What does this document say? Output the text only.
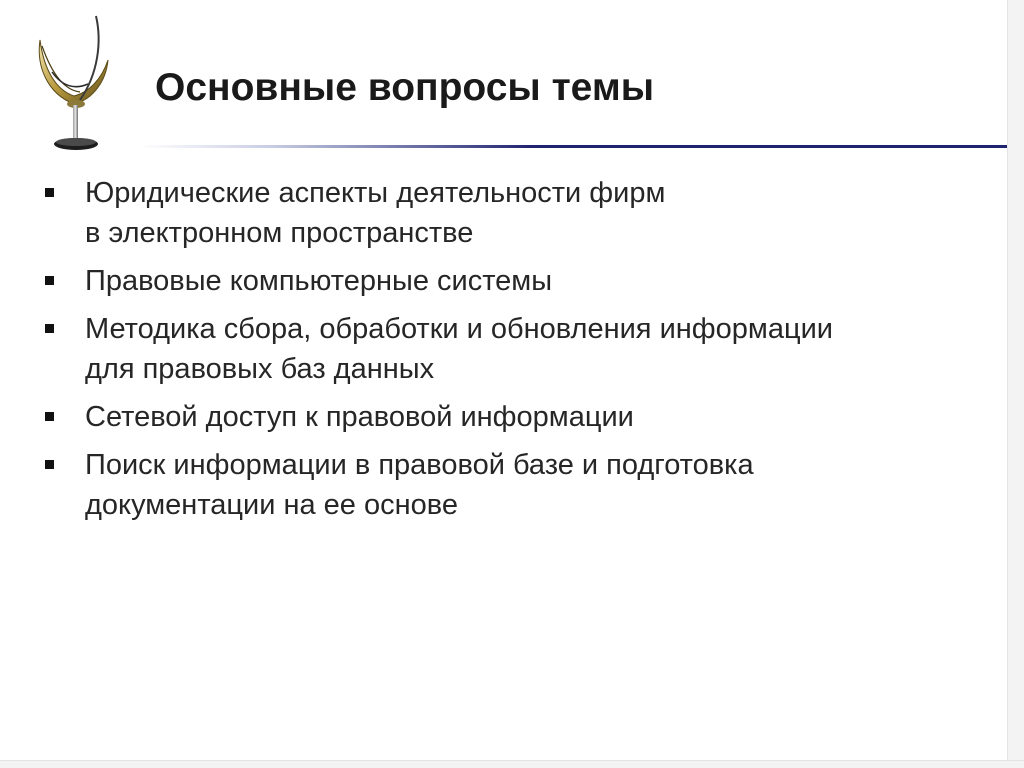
Основные вопросы темы
Юридические аспекты деятельности фирм
в электронном пространстве
Правовые компьютерные системы
Методика сбора, обработки и обновления информации
для правовых баз данных
Сетевой доступ к правовой информации
Поиск информации в правовой базе и подготовка
документации на ее основе
